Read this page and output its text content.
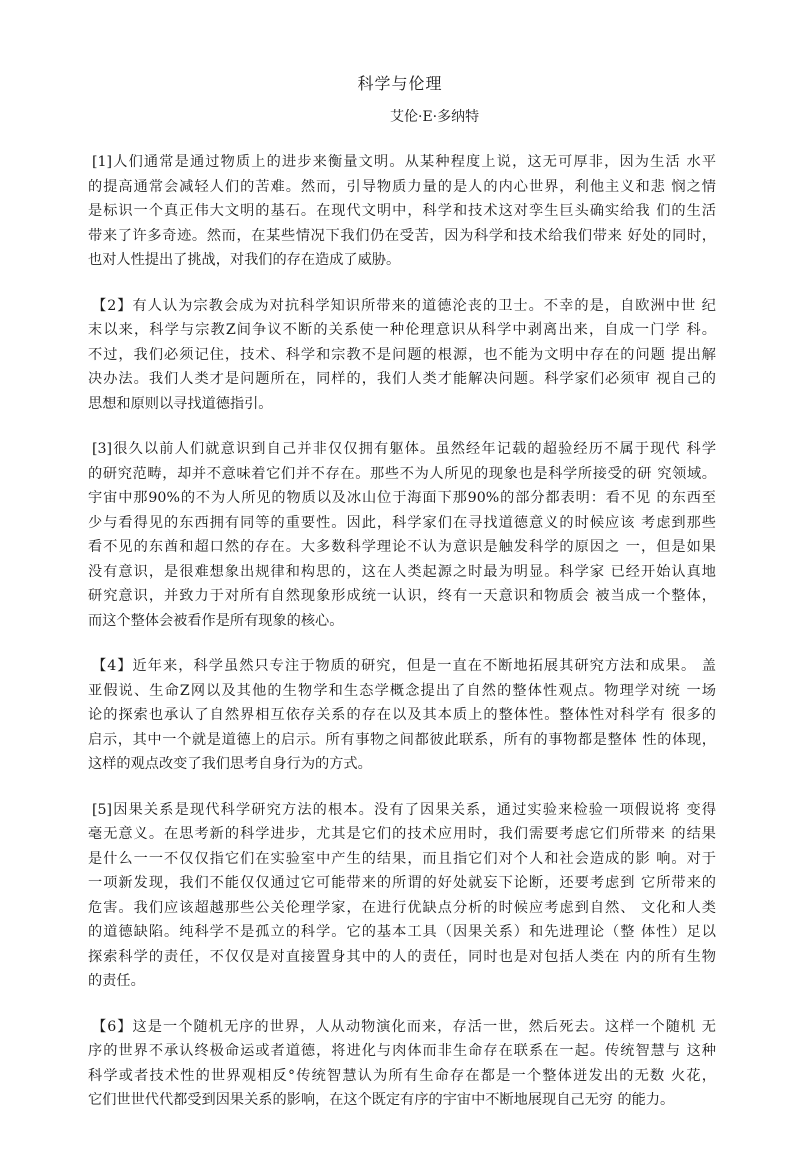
科学与伦理
艾伦·E·多纳特
[1]人们通常是通过物质上的进步来衡量文明。从某种程度上说，这无可厚非，因为生活 水平
的提高通常会减轻人们的苦难。然而，引导物质力量的是人的内心世界，利他主义和悲 悯之情
是标识一个真正伟大文明的基石。在现代文明中，科学和技术这对孪生巨头确实给我 们的生活
带来了许多奇迹。然而，在某些情况下我们仍在受苦，因为科学和技术给我们带来 好处的同时，
也对人性提出了挑战，对我们的存在造成了威胁。
【2】有人认为宗教会成为对抗科学知识所带来的道德沦丧的卫士。不幸的是，自欧洲中世 纪
末以来，科学与宗教Z间争议不断的关系使一种伦理意识从科学中剥离出来，自成一门学 科。
不过，我们必须记住，技术、科学和宗教不是问题的根源，也不能为文明中存在的问题 提出解
决办法。我们人类才是问题所在，同样的，我们人类才能解决问题。科学家们必须审 视自己的
思想和原则以寻找道德指引。
[3]很久以前人们就意识到自己并非仅仅拥有躯体。虽然经年记载的超验经历不属于现代 科学
的研究范畴，却并不意味着它们并不存在。那些不为人所见的现象也是科学所接受的研 究领域。
宇宙中那90%的不为人所见的物质以及冰山位于海面下那90%的部分都表明：看不见 的东西至
少与看得见的东西拥有同等的重要性。因此，科学家们在寻找道德意义的时候应该 考虑到那些
看不见的东酋和超口然的存在。大多数科学理论不认为意识是触发科学的原因之 一，但是如果
没有意识，是很难想象出规律和构思的，这在人类起源之时最为明显。科学家 已经开始认真地
研究意识，并致力于对所有自然现象形成统一认识，终有一天意识和物质会 被当成一个整体，
而这个整体会被看作是所有现象的核心。
【4】近年来，科学虽然只专注于物质的研究，但是一直在不断地拓展其研究方法和成果。 盖
亚假说、生命Z网以及其他的生物学和生态学概念提出了自然的整体性观点。物理学对统 一场
论的探索也承认了自然界相互依存关系的存在以及其本质上的整体性。整体性对科学有 很多的
启示，其中一个就是道德上的启示。所有事物之间都彼此联系，所有的事物都是整体 性的体现，
这样的观点改变了我们思考自身行为的方式。
[5]因果关系是现代科学研究方法的根本。没有了因果关系，通过实验来检验一项假说将 变得
毫无意义。在思考新的科学进步，尤其是它们的技术应用时，我们需要考虑它们所带来 的结果
是什么一一不仅仅指它们在实验室中产生的结果，而且指它们对个人和社会造成的影 响。对于
一项新发现，我们不能仅仅通过它可能带来的所谓的好处就妄下论断，还要考虑到 它所带来的
危害。我们应该超越那些公关伦理学家，在进行优缺点分析的时候应考虑到自然、 文化和人类
的道德缺陷。纯科学不是孤立的科学。它的基本工具（因果关系）和先进理论（整 体性）足以
探索科学的责任，不仅仅是对直接置身其中的人的责任，同时也是对包括人类在 内的所有生物
的责任。
【6】这是一个随机无序的世界，人从动物演化而来，存活一世，然后死去。这样一个随机 无
序的世界不承认终极命运或者道德，将进化与肉体而非生命存在联系在一起。传统智慧与 这种
科学或者技术性的世界观相反°传统智慧认为所有生命存在都是一个整体迸发出的无数 火花，
它们世世代代都受到因果关系的影响，在这个既定有序的宇宙中不断地展现自己无穷 的能力。
